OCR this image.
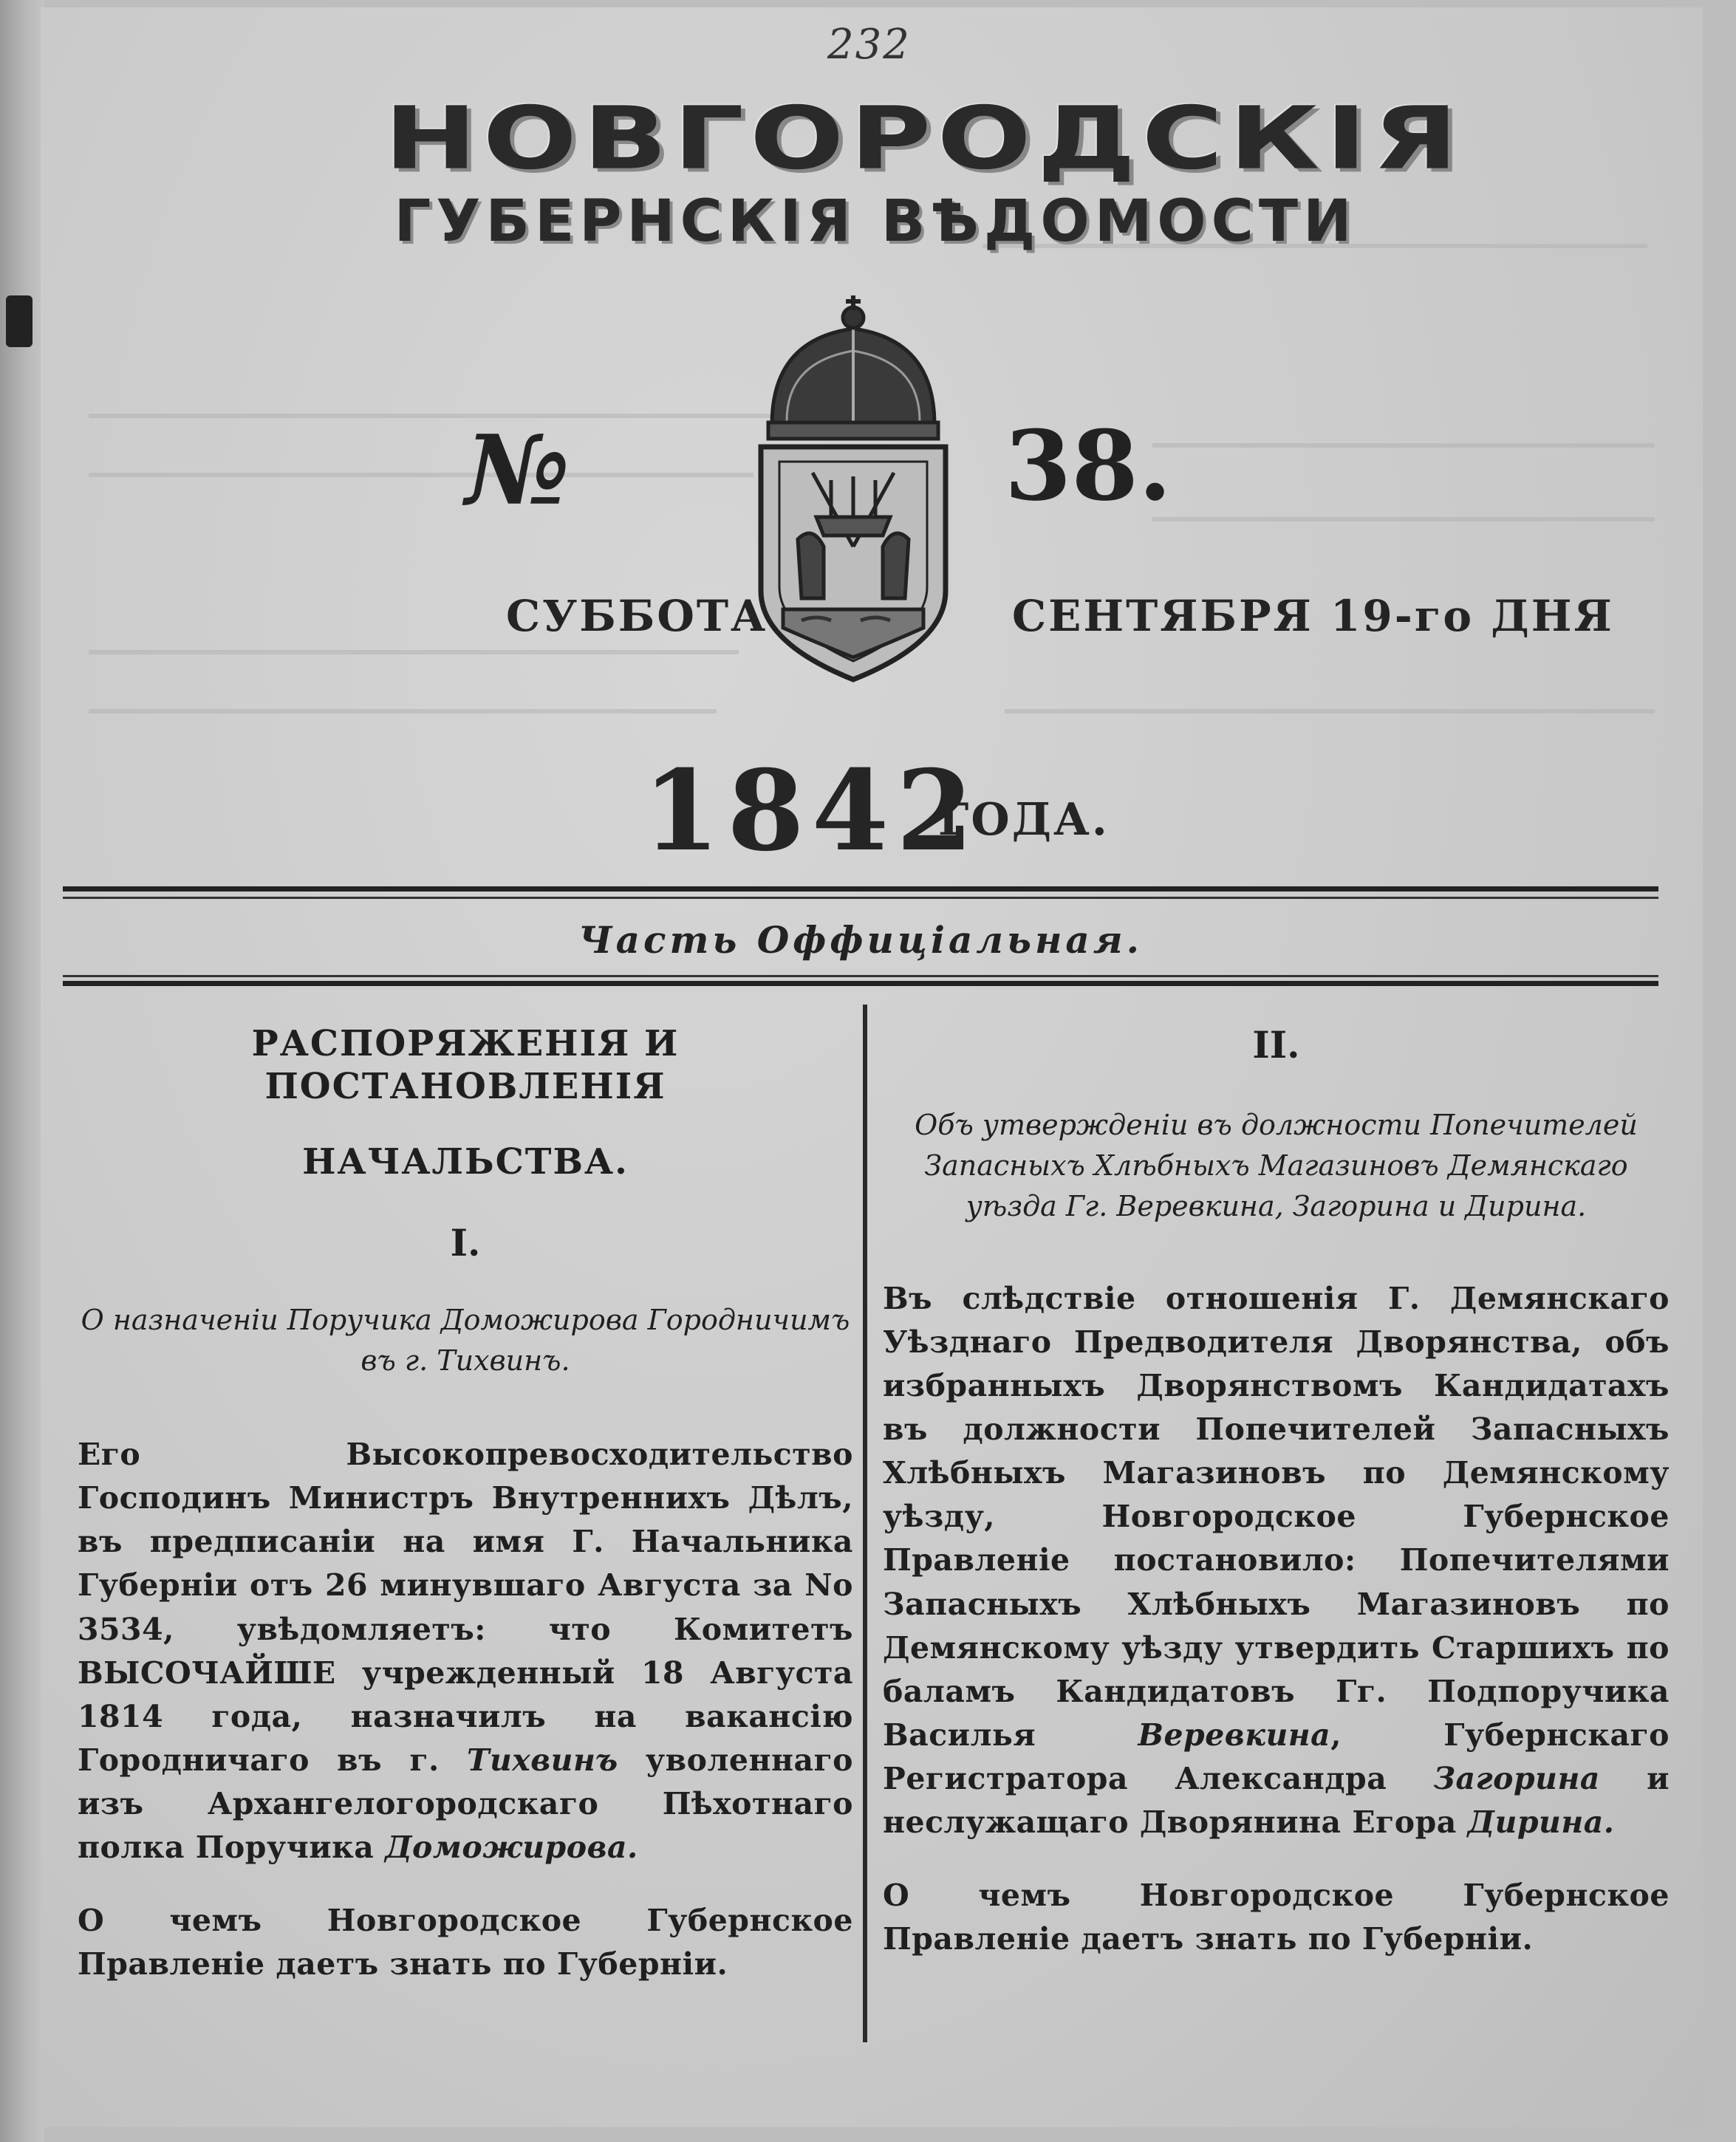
232
НОВГОРОДСКІЯ
ГУБЕРНСКІЯ ВѢДОМОСТИ
№	38.
СУББОТА	СЕНТЯБРЯ 19-го ДНЯ
1842
ГОДА.
Часть Оффиціальная.
РАСПОРЯЖЕНІЯ И ПОСТАНОВЛЕНІЯ
НАЧАЛЬСТВА.
I.
О назначеніи Поручика Доможирова Городничимъ въ г. Тихвинъ.
Его Высокопревосходительство Господинъ Министръ Внутреннихъ Дѣлъ, въ предписаніи на имя Г. Начальника Губерніи отъ 26 минувшаго Августа за No 3534, увѣдомляетъ: что Комитетъ ВЫСОЧАЙШЕ учрежденный 18 Августа 1814 года, назначилъ на вакансію Городничаго въ г. Тихвинъ уволеннаго изъ Архангелогородскаго Пѣхотнаго полка Поручика Доможирова.
О чемъ Новгородское Губернское Правленіе даетъ знать по Губерніи.
II.
Объ утвержденіи въ должности Попечителей Запасныхъ Хлѣбныхъ Магазиновъ Демянскаго уѣзда Гг. Веревкина, Загорина и Дирина.
Въ слѣдствіе отношенія Г. Демянскаго Уѣзднаго Предводителя Дворянства, объ избранныхъ Дворянствомъ Кандидатахъ въ должности Попечителей Запасныхъ Хлѣбныхъ Магазиновъ по Демянскому уѣзду, Новгородское Губернское Правленіе постановило: Попечителями Запасныхъ Хлѣбныхъ Магазиновъ по Демянскому уѣзду утвердить Старшихъ по баламъ Кандидатовъ Гг. Подпоручика Василья Веревкина, Губернскаго Регистратора Александра Загорина и неслужащаго Дворянина Егора Дирина.
О чемъ Новгородское Губернское Правленіе даетъ знать по Губерніи.
